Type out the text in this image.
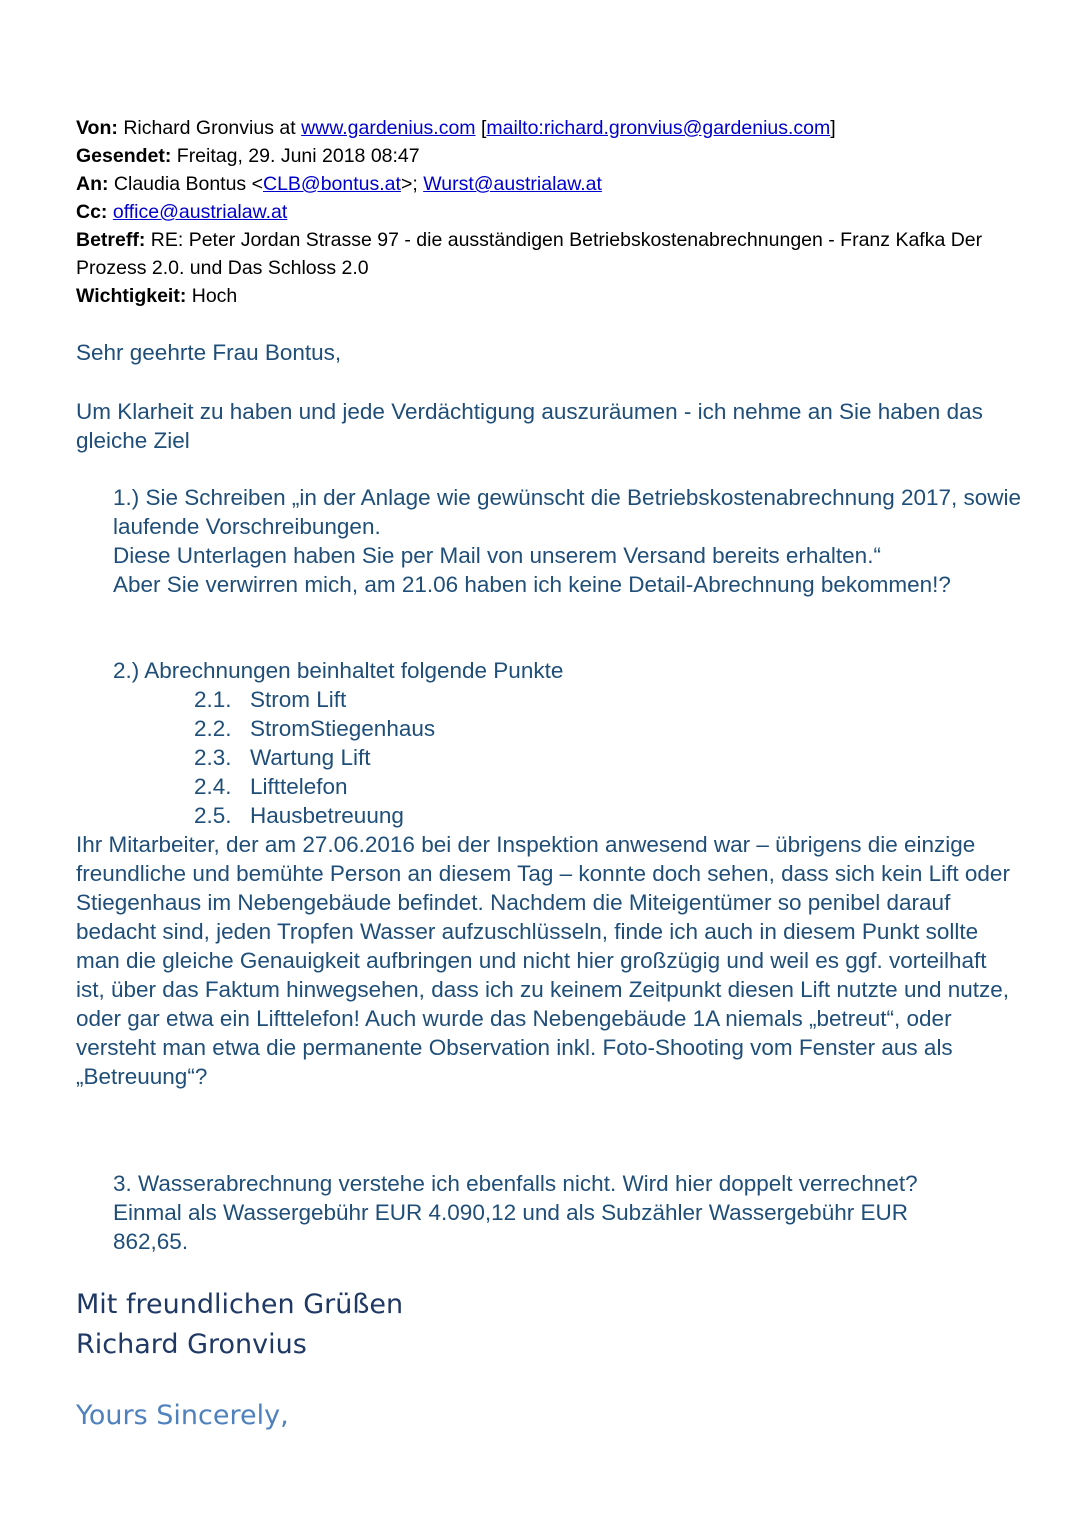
Von: Richard Gronvius at www.gardenius.com [mailto:richard.gronvius@gardenius.com]
Gesendet: Freitag, 29. Juni 2018 08:47
An: Claudia Bontus <CLB@bontus.at>; Wurst@austrialaw.at
Cc: office@austrialaw.at
Betreff: RE: Peter Jordan Strasse 97 - die ausständigen Betriebskostenabrechnungen - Franz Kafka Der Prozess 2.0. und Das Schloss 2.0
Wichtigkeit: Hoch

Sehr geehrte Frau Bontus,

Um Klarheit zu haben und jede Verdächtigung auszuräumen - ich nehme an Sie haben das gleiche Ziel

1.) Sie Schreiben „in der Anlage wie gewünscht die Betriebskostenabrechnung 2017, sowie laufende Vorschreibungen.

Diese Unterlagen haben Sie per Mail von unserem Versand bereits erhalten.“

Aber Sie verwirren mich, am 21.06 haben ich keine Detail-Abrechnung bekommen!?

2.) Abrechnungen beinhaltet folgende Punkte

2.1. Strom Lift
2.2. StromStiegenhaus
2.3. Wartung Lift
2.4. Lifttelefon
2.5. Hausbetreuung

Ihr Mitarbeiter, der am 27.06.2016 bei der Inspektion anwesend war – übrigens die einzige freundliche und bemühte Person an diesem Tag – konnte doch sehen, dass sich kein Lift oder Stiegenhaus im Nebengebäude befindet. Nachdem die Miteigentümer so penibel darauf bedacht sind, jeden Tropfen Wasser aufzuschlüsseln, finde ich auch in diesem Punkt sollte man die gleiche Genauigkeit aufbringen und nicht hier großzügig und weil es ggf. vorteilhaft ist, über das Faktum hinwegsehen, dass ich zu keinem Zeitpunkt diesen Lift nutzte und nutze, oder gar etwa ein Lifttelefon! Auch wurde das Nebengebäude 1A niemals „betreut“, oder versteht man etwa die permanente Observation inkl. Foto-Shooting vom Fenster aus als „Betreuung“?

3. Wasserabrechnung verstehe ich ebenfalls nicht. Wird hier doppelt verrechnet? Einmal als Wassergebühr EUR 4.090,12 und als Subzähler Wassergebühr EUR 862,65.

Mit freundlichen Grüßen
Richard Gronvius
Yours Sincerely,
